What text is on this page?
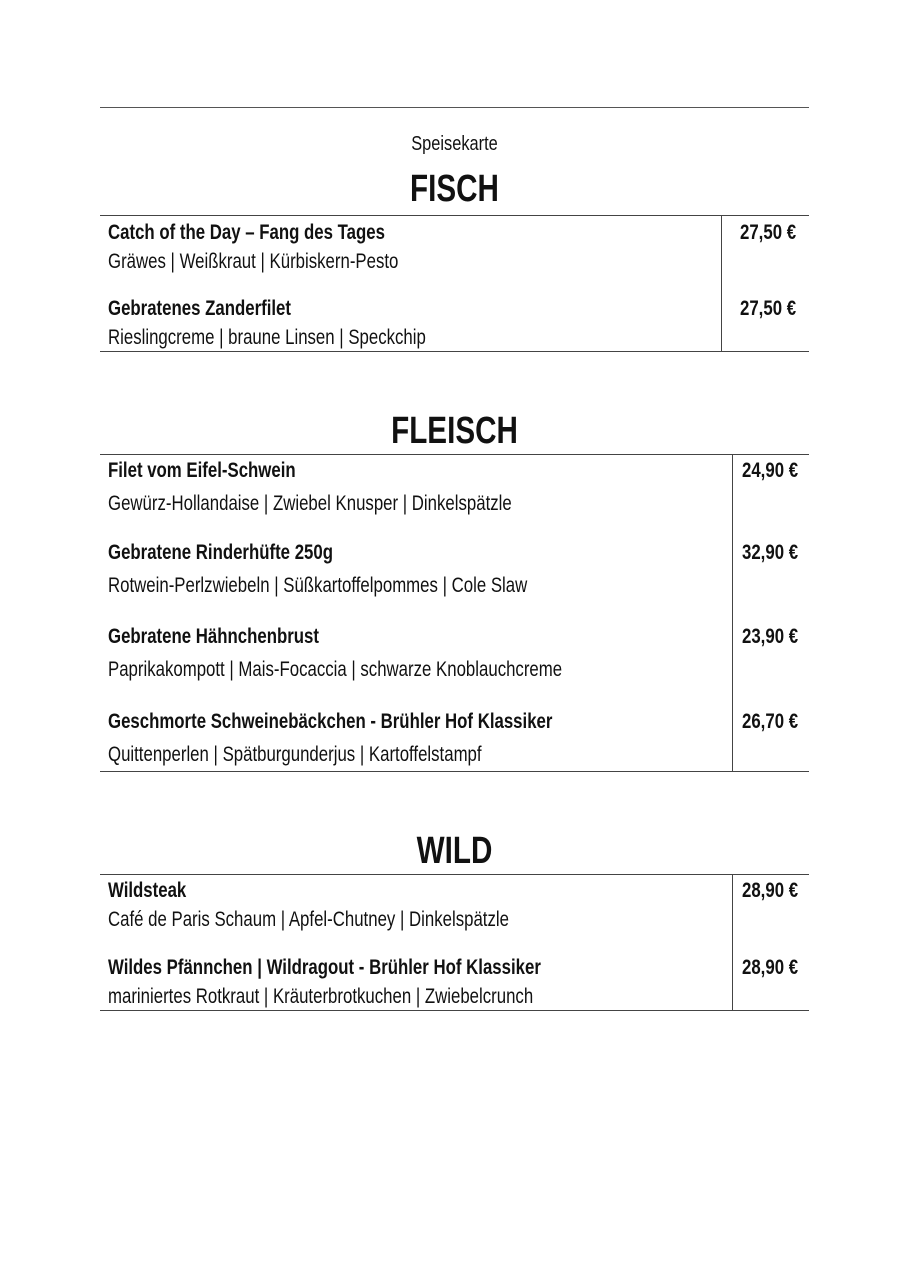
Speisekarte
FISCH
Catch of the Day – Fang des Tages
Gräwes | Weißkraut | Kürbiskern-Pesto
27,50 €
Gebratenes Zanderfilet
Rieslingcreme | braune Linsen | Speckchip
27,50 €
FLEISCH
Filet vom Eifel-Schwein
Gewürz-Hollandaise | Zwiebel Knusper | Dinkelspätzle
24,90 €
Gebratene Rinderhüfte 250g
Rotwein-Perlzwiebeln | Süßkartoffelpommes | Cole Slaw
32,90 €
Gebratene Hähnchenbrust
Paprikakompott | Mais-Focaccia | schwarze Knoblauchcreme
23,90 €
Geschmorte Schweinebäckchen - Brühler Hof Klassiker
Quittenperlen | Spätburgunderjus | Kartoffelstampf
26,70 €
WILD
Wildsteak
Café de Paris Schaum | Apfel-Chutney | Dinkelspätzle
28,90 €
Wildes Pfännchen | Wildragout - Brühler Hof Klassiker
mariniertes Rotkraut | Kräuterbrotkuchen | Zwiebelcrunch
28,90 €
